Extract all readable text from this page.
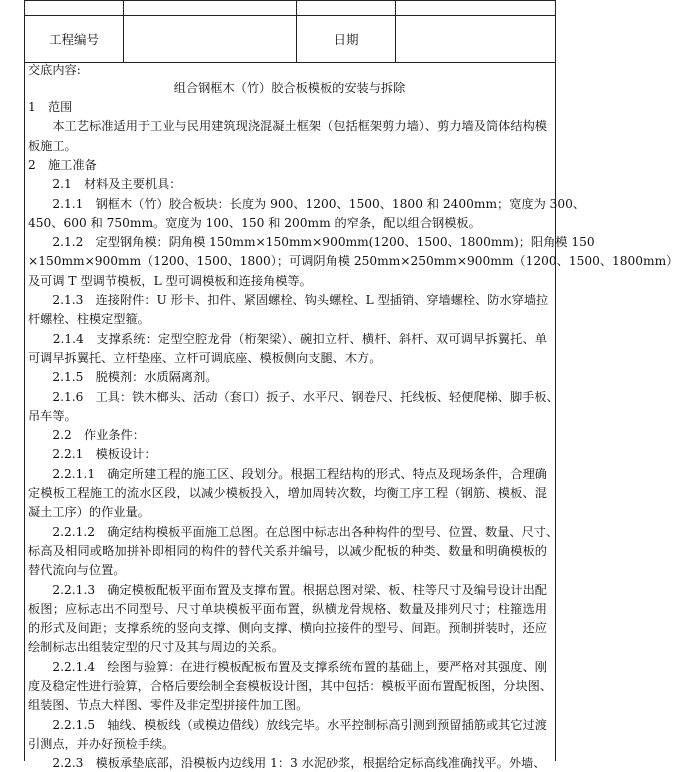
工程编号		日期	
交底内容:
组合钢框木（竹）胶合板模板的安装与拆除
1　范围
　　本工艺标准适用于工业与民用建筑现浇混凝土框架（包括框架剪力墙）、剪力墙及筒体结构模
板施工。
2　施工准备
　　2.1　材料及主要机具：
　　2.1.1　钢框木（竹）胶合板块：长度为 900、1200、1500、1800 和 2400mm；宽度为 300、
450、600 和 750mm。宽度为 100、150 和 200mm 的窄条，配以组合钢模板。
　　2.1.2　定型钢角模：阴角模 150mm×150mm×900mm(1200、1500、1800mm)；阳角模 150
×150mm×900mm（1200、1500、1800）；可调阴角模 250mm×250mm×900mm（1200、1500、1800mm）
及可调 T 型调节模板，L 型可调模板和连接角模等。
　　2.1.3　连接附件：U 形卡、扣件、紧固螺栓、钩头螺栓、L 型插销、穿墙螺栓、防水穿墙拉
杆螺栓、柱模定型箍。
　　2.1.4　支撑系统：定型空腔龙骨（桁架梁）、碗扣立杆、横杆、斜杆、双可调早拆翼托、单
可调早拆翼托、立杆垫座、立杆可调底座、模板侧向支腿、木方。
　　2.1.5　脱模剂：水质隔离剂。
　　2.1.6　工具：铁木榔头、活动（套口）扳子、水平尺、钢卷尺、托线板、轻便爬梯、脚手板、
吊车等。
　　2.2　作业条件：
　　2.2.1　模板设计：
　　2.2.1.1　确定所建工程的施工区、段划分。根据工程结构的形式、特点及现场条件，合理确
定模板工程施工的流水区段，以减少模板投入，增加周转次数，均衡工序工程（钢筋、模板、混
凝土工序）的作业量。
　　2.2.1.2　确定结构模板平面施工总图。在总图中标志出各种构件的型号、位置、数量、尺寸、
标高及相同或略加拼补即相同的构件的替代关系并编号，以减少配板的种类、数量和明确模板的
替代流向与位置。
　　2.2.1.3　确定模板配板平面布置及支撑布置。根据总图对梁、板、柱等尺寸及编号设计出配
板图；应标志出不同型号、尺寸单块模板平面布置，纵横龙骨规格、数量及排列尺寸；柱箍选用
的形式及间距；支撑系统的竖向支撑、侧向支撑、横向拉接件的型号、间距。预制拼装时，还应
绘制标志出组装定型的尺寸及其与周边的关系。
　　2.2.1.4　绘图与验算：在进行模板配板布置及支撑系统布置的基础上，要严格对其强度、刚
度及稳定性进行验算，合格后要绘制全套模板设计图，其中包括：模板平面布置配板图，分块图、
组装图、节点大样图、零件及非定型拼接件加工图。
　　2.2.1.5　轴线、模板线（或模边借线）放线完毕。水平控制标高引测到预留插筋或其它过渡
引测点，并办好预检手续。
　　2.2.3　模板承垫底部，沿模板内边线用 1：3 水泥砂浆，根据给定标高线准确找平。外墙、
